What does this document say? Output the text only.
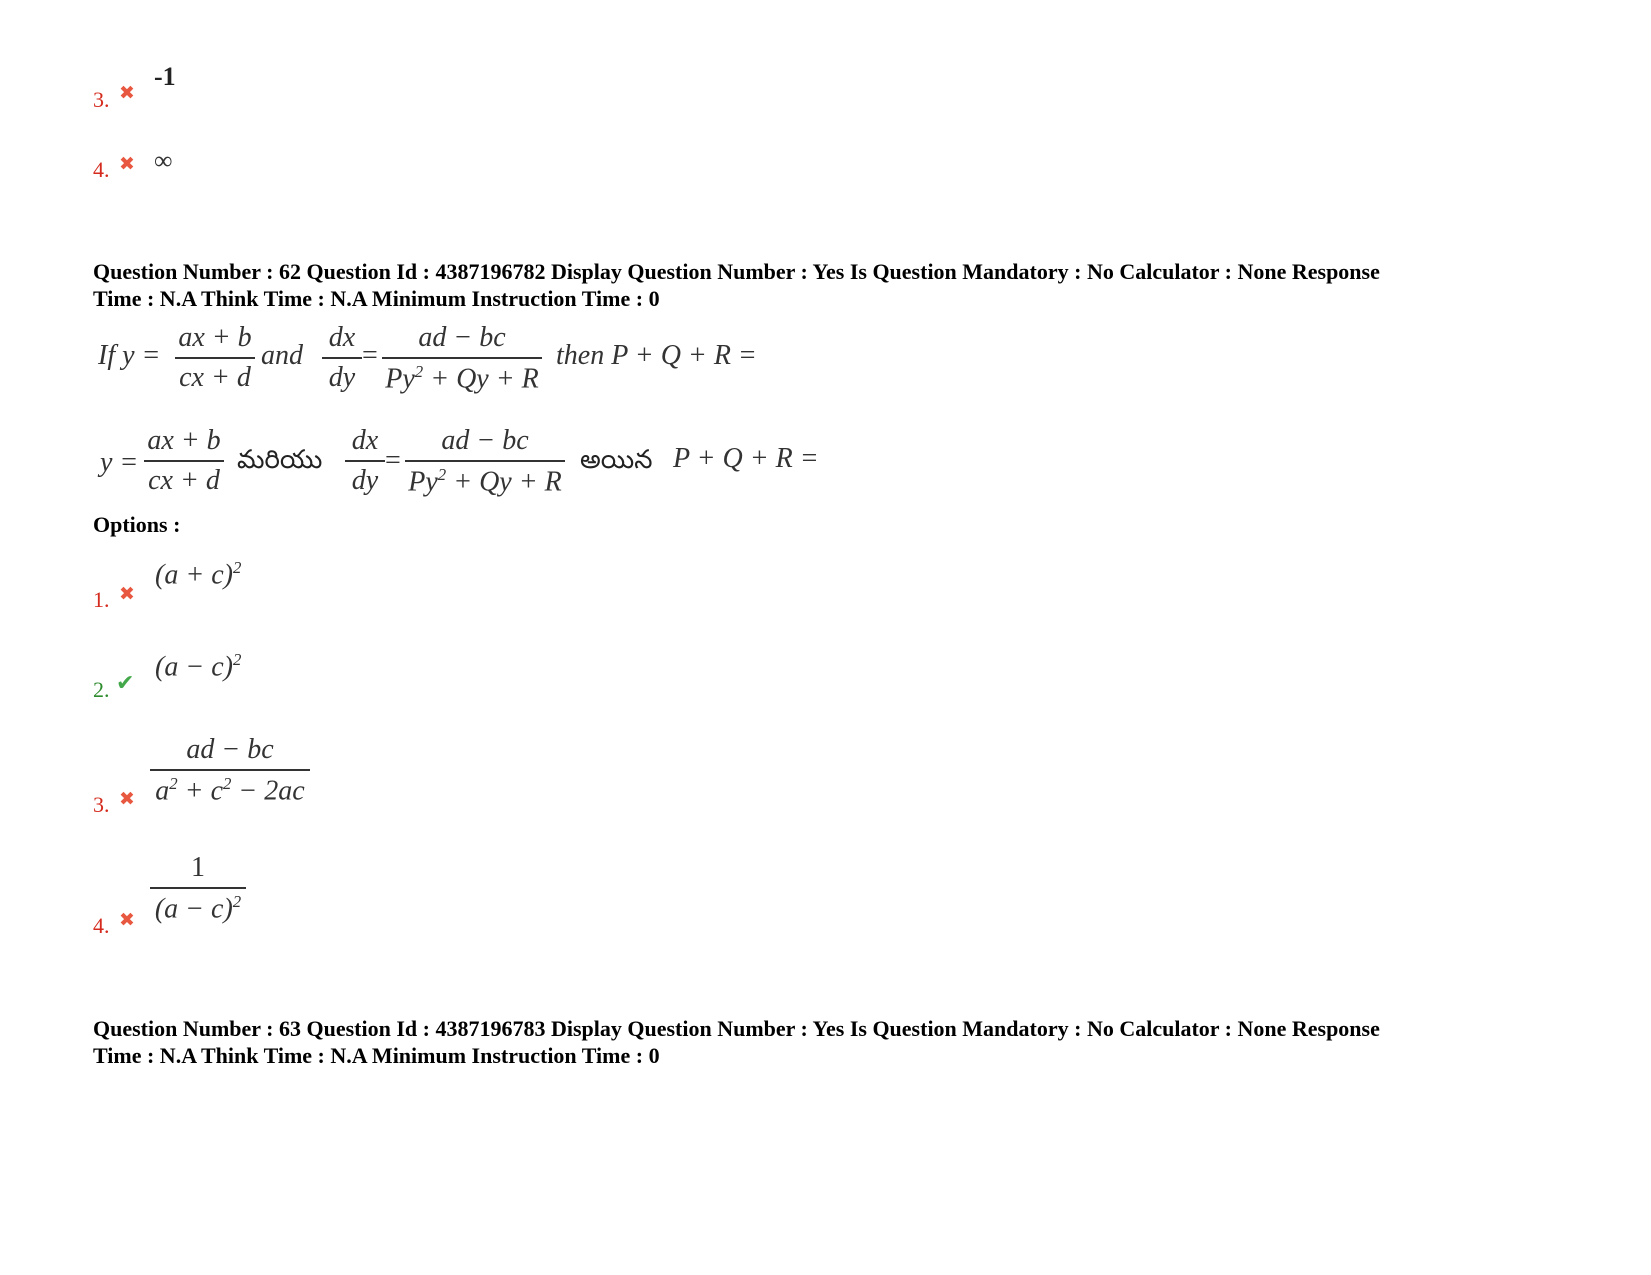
3. ✖
-1
4. ✖ ∞
Question Number : 62 Question Id : 4387196782 Display Question Number : Yes Is Question Mandatory : No Calculator : None Response
Time : N.A Think Time : N.A Minimum Instruction Time : 0
If y =
ax + b
cx + d
and
dx
dy
=
ad − bc
$Py^2 + Qy + R$
then P + Q + R =
y =
ax + b
cx + d
మరియు
dx
dy
=
ad − bc
$Py^2 + Qy + R$
అయిన P + Q + R =
Options :
1. ✖
$(a + c)^2$
2. ✔
$(a - c)^2$
3. ✖
ad − bc
$a^2 + c^2 - 2ac$
4. ✖
1
$(a - c)^2$
Question Number : 63 Question Id : 4387196783 Display Question Number : Yes Is Question Mandatory : No Calculator : None Response
Time : N.A Think Time : N.A Minimum Instruction Time : 0
